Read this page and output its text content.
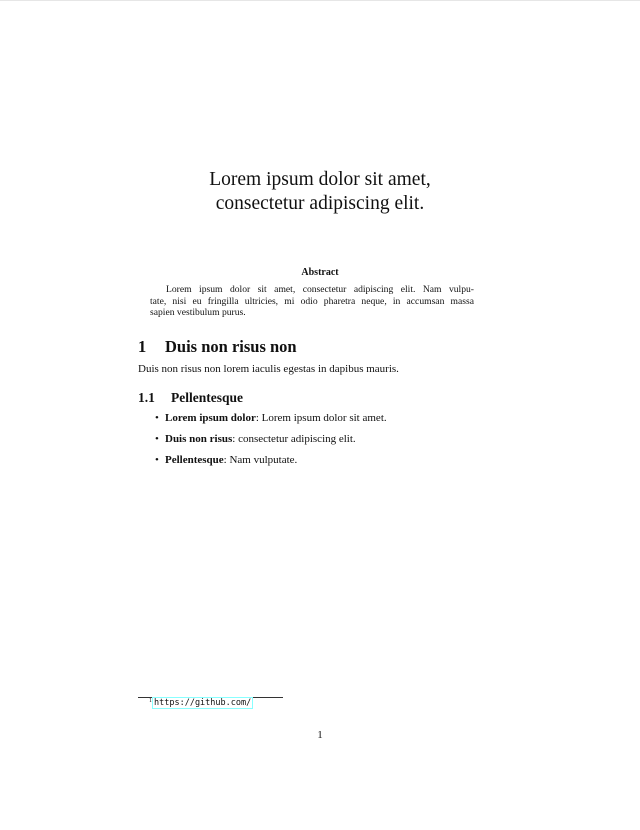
Lorem ipsum dolor sit amet,
consectetur adipiscing elit.
Abstract
Lorem ipsum dolor sit amet, consectetur adipiscing elit. Nam vulpu-
tate, nisi eu fringilla ultricies, mi odio pharetra neque, in accumsan massa
sapien vestibulum purus.
1 Duis non risus non
Duis non risus non lorem iaculis egestas in dapibus mauris.
1.1 Pellentesque
• Lorem ipsum dolor: Lorem ipsum dolor sit amet.
• Duis non risus: consectetur adipiscing elit.
• Pellentesque: Nam vulputate.
$^1$ https://github.com/
1
